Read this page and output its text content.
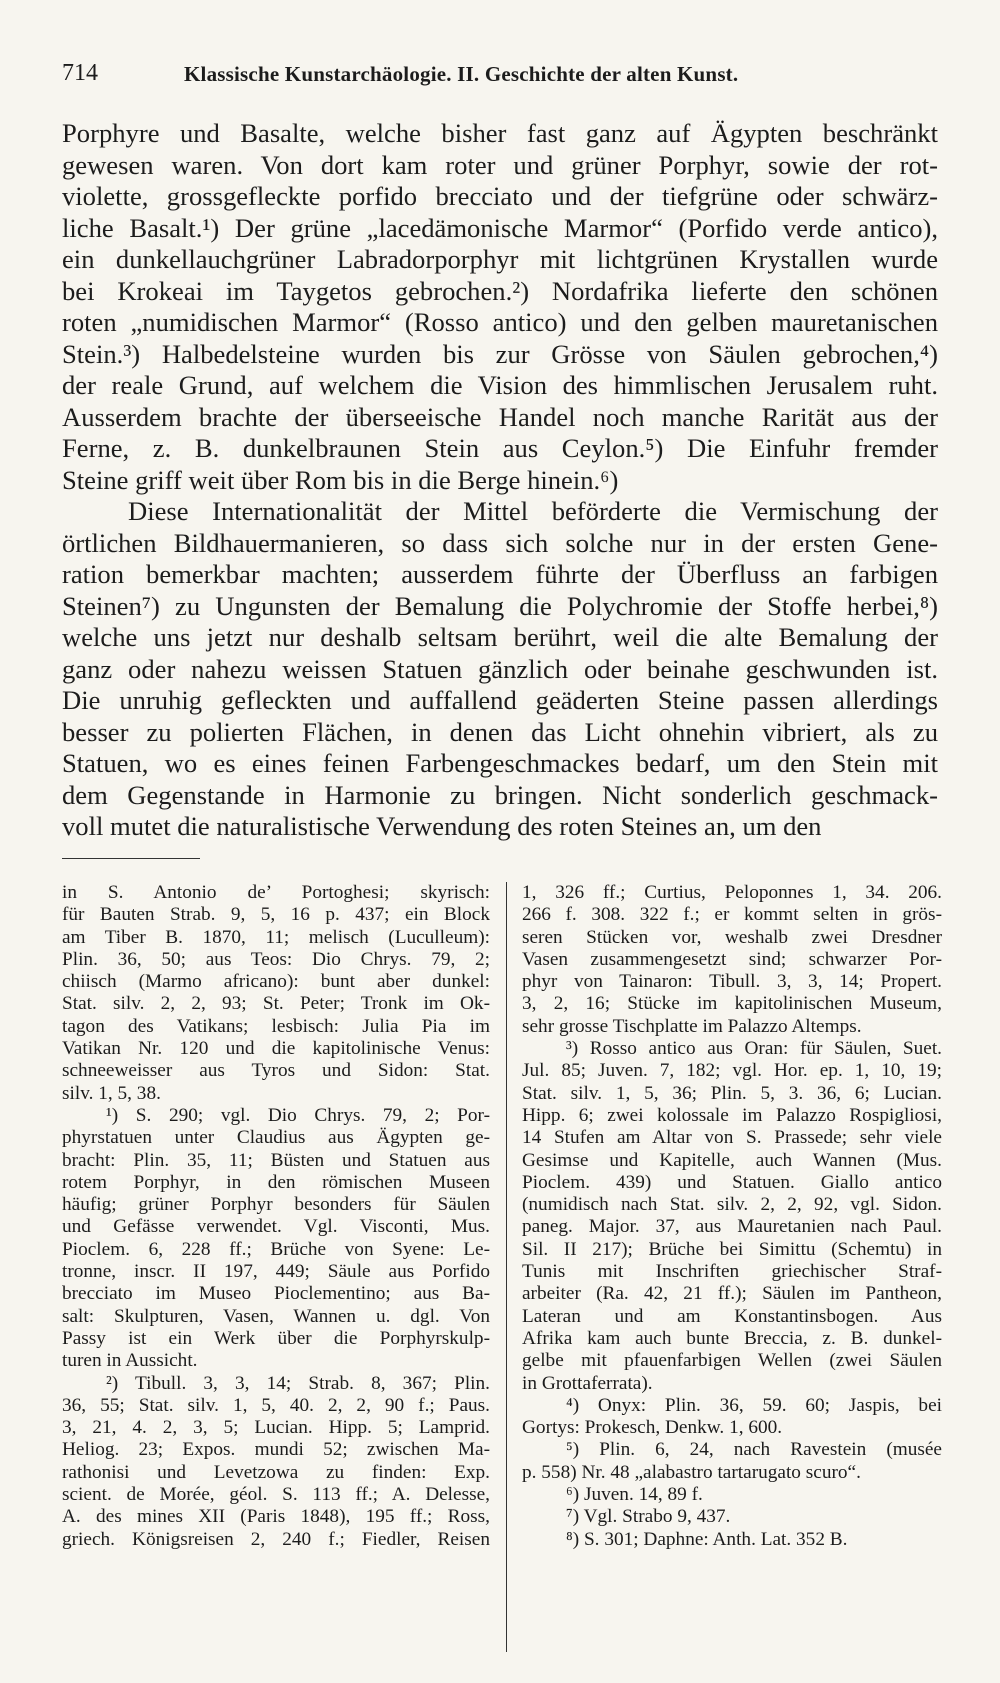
714	Klassische Kunstarchäologie. II. Geschichte der alten Kunst.

Porphyre und Basalte, welche bisher fast ganz auf Ägypten beschränkt
gewesen waren. Von dort kam roter und grüner Porphyr, sowie der rot-
violette, grossgefleckte porfido brecciato und der tiefgrüne oder schwärz-
liche Basalt.¹) Der grüne „lacedämonische Marmor“ (Porfido verde antico),
ein dunkellauchgrüner Labradorporphyr mit lichtgrünen Krystallen wurde
bei Krokeai im Taygetos gebrochen.²) Nordafrika lieferte den schönen
roten „numidischen Marmor“ (Rosso antico) und den gelben mauretanischen
Stein.³) Halbedelsteine wurden bis zur Grösse von Säulen gebrochen,⁴)
der reale Grund, auf welchem die Vision des himmlischen Jerusalem ruht.
Ausserdem brachte der überseeische Handel noch manche Rarität aus der
Ferne, z. B. dunkelbraunen Stein aus Ceylon.⁵) Die Einfuhr fremder
Steine griff weit über Rom bis in die Berge hinein.⁶)

Diese Internationalität der Mittel beförderte die Vermischung der
örtlichen Bildhauermanieren, so dass sich solche nur in der ersten Gene-
ration bemerkbar machten; ausserdem führte der Überfluss an farbigen
Steinen⁷) zu Ungunsten der Bemalung die Polychromie der Stoffe herbei,⁸)
welche uns jetzt nur deshalb seltsam berührt, weil die alte Bemalung der
ganz oder nahezu weissen Statuen gänzlich oder beinahe geschwunden ist.
Die unruhig gefleckten und auffallend geäderten Steine passen allerdings
besser zu polierten Flächen, in denen das Licht ohnehin vibriert, als zu
Statuen, wo es eines feinen Farbengeschmackes bedarf, um den Stein mit
dem Gegenstande in Harmonie zu bringen. Nicht sonderlich geschmack-
voll mutet die naturalistische Verwendung des roten Steines an, um den

in S. Antonio de’ Portoghesi; skyrisch:
für Bauten Strab. 9, 5, 16 p. 437; ein Block
am Tiber B. 1870, 11; melisch (Luculleum):
Plin. 36, 50; aus Teos: Dio Chrys. 79, 2;
chiisch (Marmo africano): bunt aber dunkel:
Stat. silv. 2, 2, 93; St. Peter; Tronk im Ok-
tagon des Vatikans; lesbisch: Julia Pia im
Vatikan Nr. 120 und die kapitolinische Venus:
schneeweisser aus Tyros und Sidon: Stat.
silv. 1, 5, 38.
¹) S. 290; vgl. Dio Chrys. 79, 2; Por-
phyrstatuen unter Claudius aus Ägypten ge-
bracht: Plin. 35, 11; Büsten und Statuen aus
rotem Porphyr, in den römischen Museen
häufig; grüner Porphyr besonders für Säulen
und Gefässe verwendet. Vgl. Visconti, Mus.
Pioclem. 6, 228 ff.; Brüche von Syene: Le-
tronne, inscr. II 197, 449; Säule aus Porfido
brecciato im Museo Pioclementino; aus Ba-
salt: Skulpturen, Vasen, Wannen u. dgl. Von
Passy ist ein Werk über die Porphyrskulp-
turen in Aussicht.
²) Tibull. 3, 3, 14; Strab. 8, 367; Plin.
36, 55; Stat. silv. 1, 5, 40. 2, 2, 90 f.; Paus.
3, 21, 4. 2, 3, 5; Lucian. Hipp. 5; Lamprid.
Heliog. 23; Expos. mundi 52; zwischen Ma-
rathonisi und Levetzowa zu finden: Exp.
scient. de Morée, géol. S. 113 ff.; A. Delesse,
A. des mines XII (Paris 1848), 195 ff.; Ross,
griech. Königsreisen 2, 240 f.; Fiedler, Reisen
1, 326 ff.; Curtius, Peloponnes 1, 34. 206.
266 f. 308. 322 f.; er kommt selten in grös-
seren Stücken vor, weshalb zwei Dresdner
Vasen zusammengesetzt sind; schwarzer Por-
phyr von Tainaron: Tibull. 3, 3, 14; Propert.
3, 2, 16; Stücke im kapitolinischen Museum,
sehr grosse Tischplatte im Palazzo Altemps.
³) Rosso antico aus Oran: für Säulen, Suet.
Jul. 85; Juven. 7, 182; vgl. Hor. ep. 1, 10, 19;
Stat. silv. 1, 5, 36; Plin. 5, 3. 36, 6; Lucian.
Hipp. 6; zwei kolossale im Palazzo Rospigliosi,
14 Stufen am Altar von S. Prassede; sehr viele
Gesimse und Kapitelle, auch Wannen (Mus.
Pioclem. 439) und Statuen. Giallo antico
(numidisch nach Stat. silv. 2, 2, 92, vgl. Sidon.
paneg. Major. 37, aus Mauretanien nach Paul.
Sil. II 217); Brüche bei Simittu (Schemtu) in
Tunis mit Inschriften griechischer Straf-
arbeiter (Ra. 42, 21 ff.); Säulen im Pantheon,
Lateran und am Konstantinsbogen. Aus
Afrika kam auch bunte Breccia, z. B. dunkel-
gelbe mit pfauenfarbigen Wellen (zwei Säulen
in Grottaferrata).
⁴) Onyx: Plin. 36, 59. 60; Jaspis, bei
Gortys: Prokesch, Denkw. 1, 600.
⁵) Plin. 6, 24, nach Ravestein (musée
p. 558) Nr. 48 „alabastro tartarugato scuro“.
⁶) Juven. 14, 89 f.
⁷) Vgl. Strabo 9, 437.
⁸) S. 301; Daphne: Anth. Lat. 352 B.
